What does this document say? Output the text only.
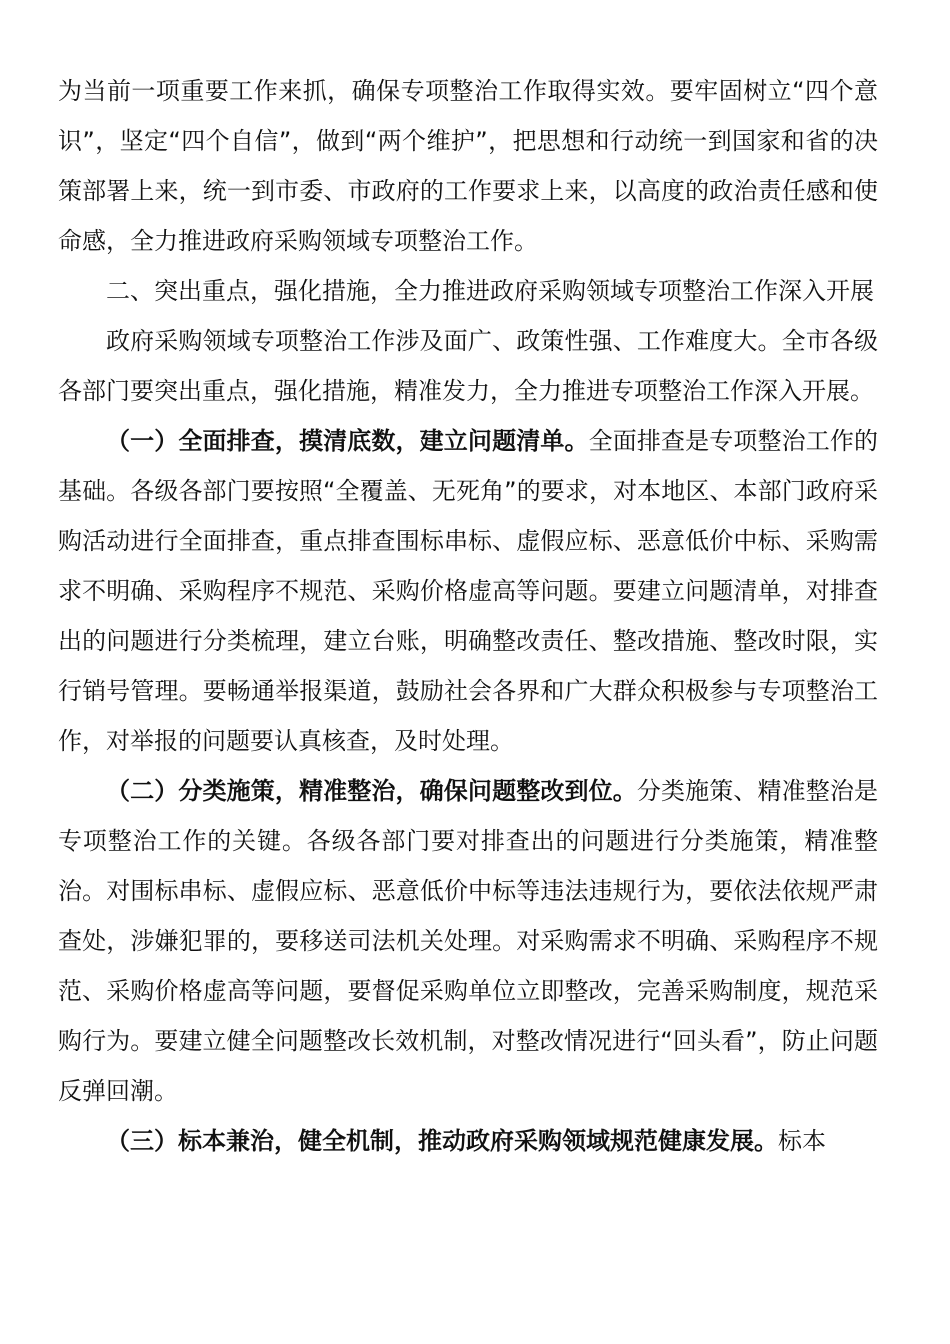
为当前一项重要工作来抓，确保专项整治工作取得实效。要牢固树立“四个意识”，坚定“四个自信”，做到“两个维护”，把思想和行动统一到国家和省的决策部署上来，统一到市委、市政府的工作要求上来，以高度的政治责任感和使命感，全力推进政府采购领域专项整治工作。

二、突出重点，强化措施，全力推进政府采购领域专项整治工作深入开展

政府采购领域专项整治工作涉及面广、政策性强、工作难度大。全市各级各部门要突出重点，强化措施，精准发力，全力推进专项整治工作深入开展。

（一）全面排查，摸清底数，建立问题清单。全面排查是专项整治工作的基础。各级各部门要按照“全覆盖、无死角”的要求，对本地区、本部门政府采购活动进行全面排查，重点排查围标串标、虚假应标、恶意低价中标、采购需求不明确、采购程序不规范、采购价格虚高等问题。要建立问题清单，对排查出的问题进行分类梳理，建立台账，明确整改责任、整改措施、整改时限，实行销号管理。要畅通举报渠道，鼓励社会各界和广大群众积极参与专项整治工作，对举报的问题要认真核查，及时处理。

（二）分类施策，精准整治，确保问题整改到位。分类施策、精准整治是专项整治工作的关键。各级各部门要对排查出的问题进行分类施策，精准整治。对围标串标、虚假应标、恶意低价中标等违法违规行为，要依法依规严肃查处，涉嫌犯罪的，要移送司法机关处理。对采购需求不明确、采购程序不规范、采购价格虚高等问题，要督促采购单位立即整改，完善采购制度，规范采购行为。要建立健全问题整改长效机制，对整改情况进行“回头看”，防止问题反弹回潮。

（三）标本兼治，健全机制，推动政府采购领域规范健康发展。标本
